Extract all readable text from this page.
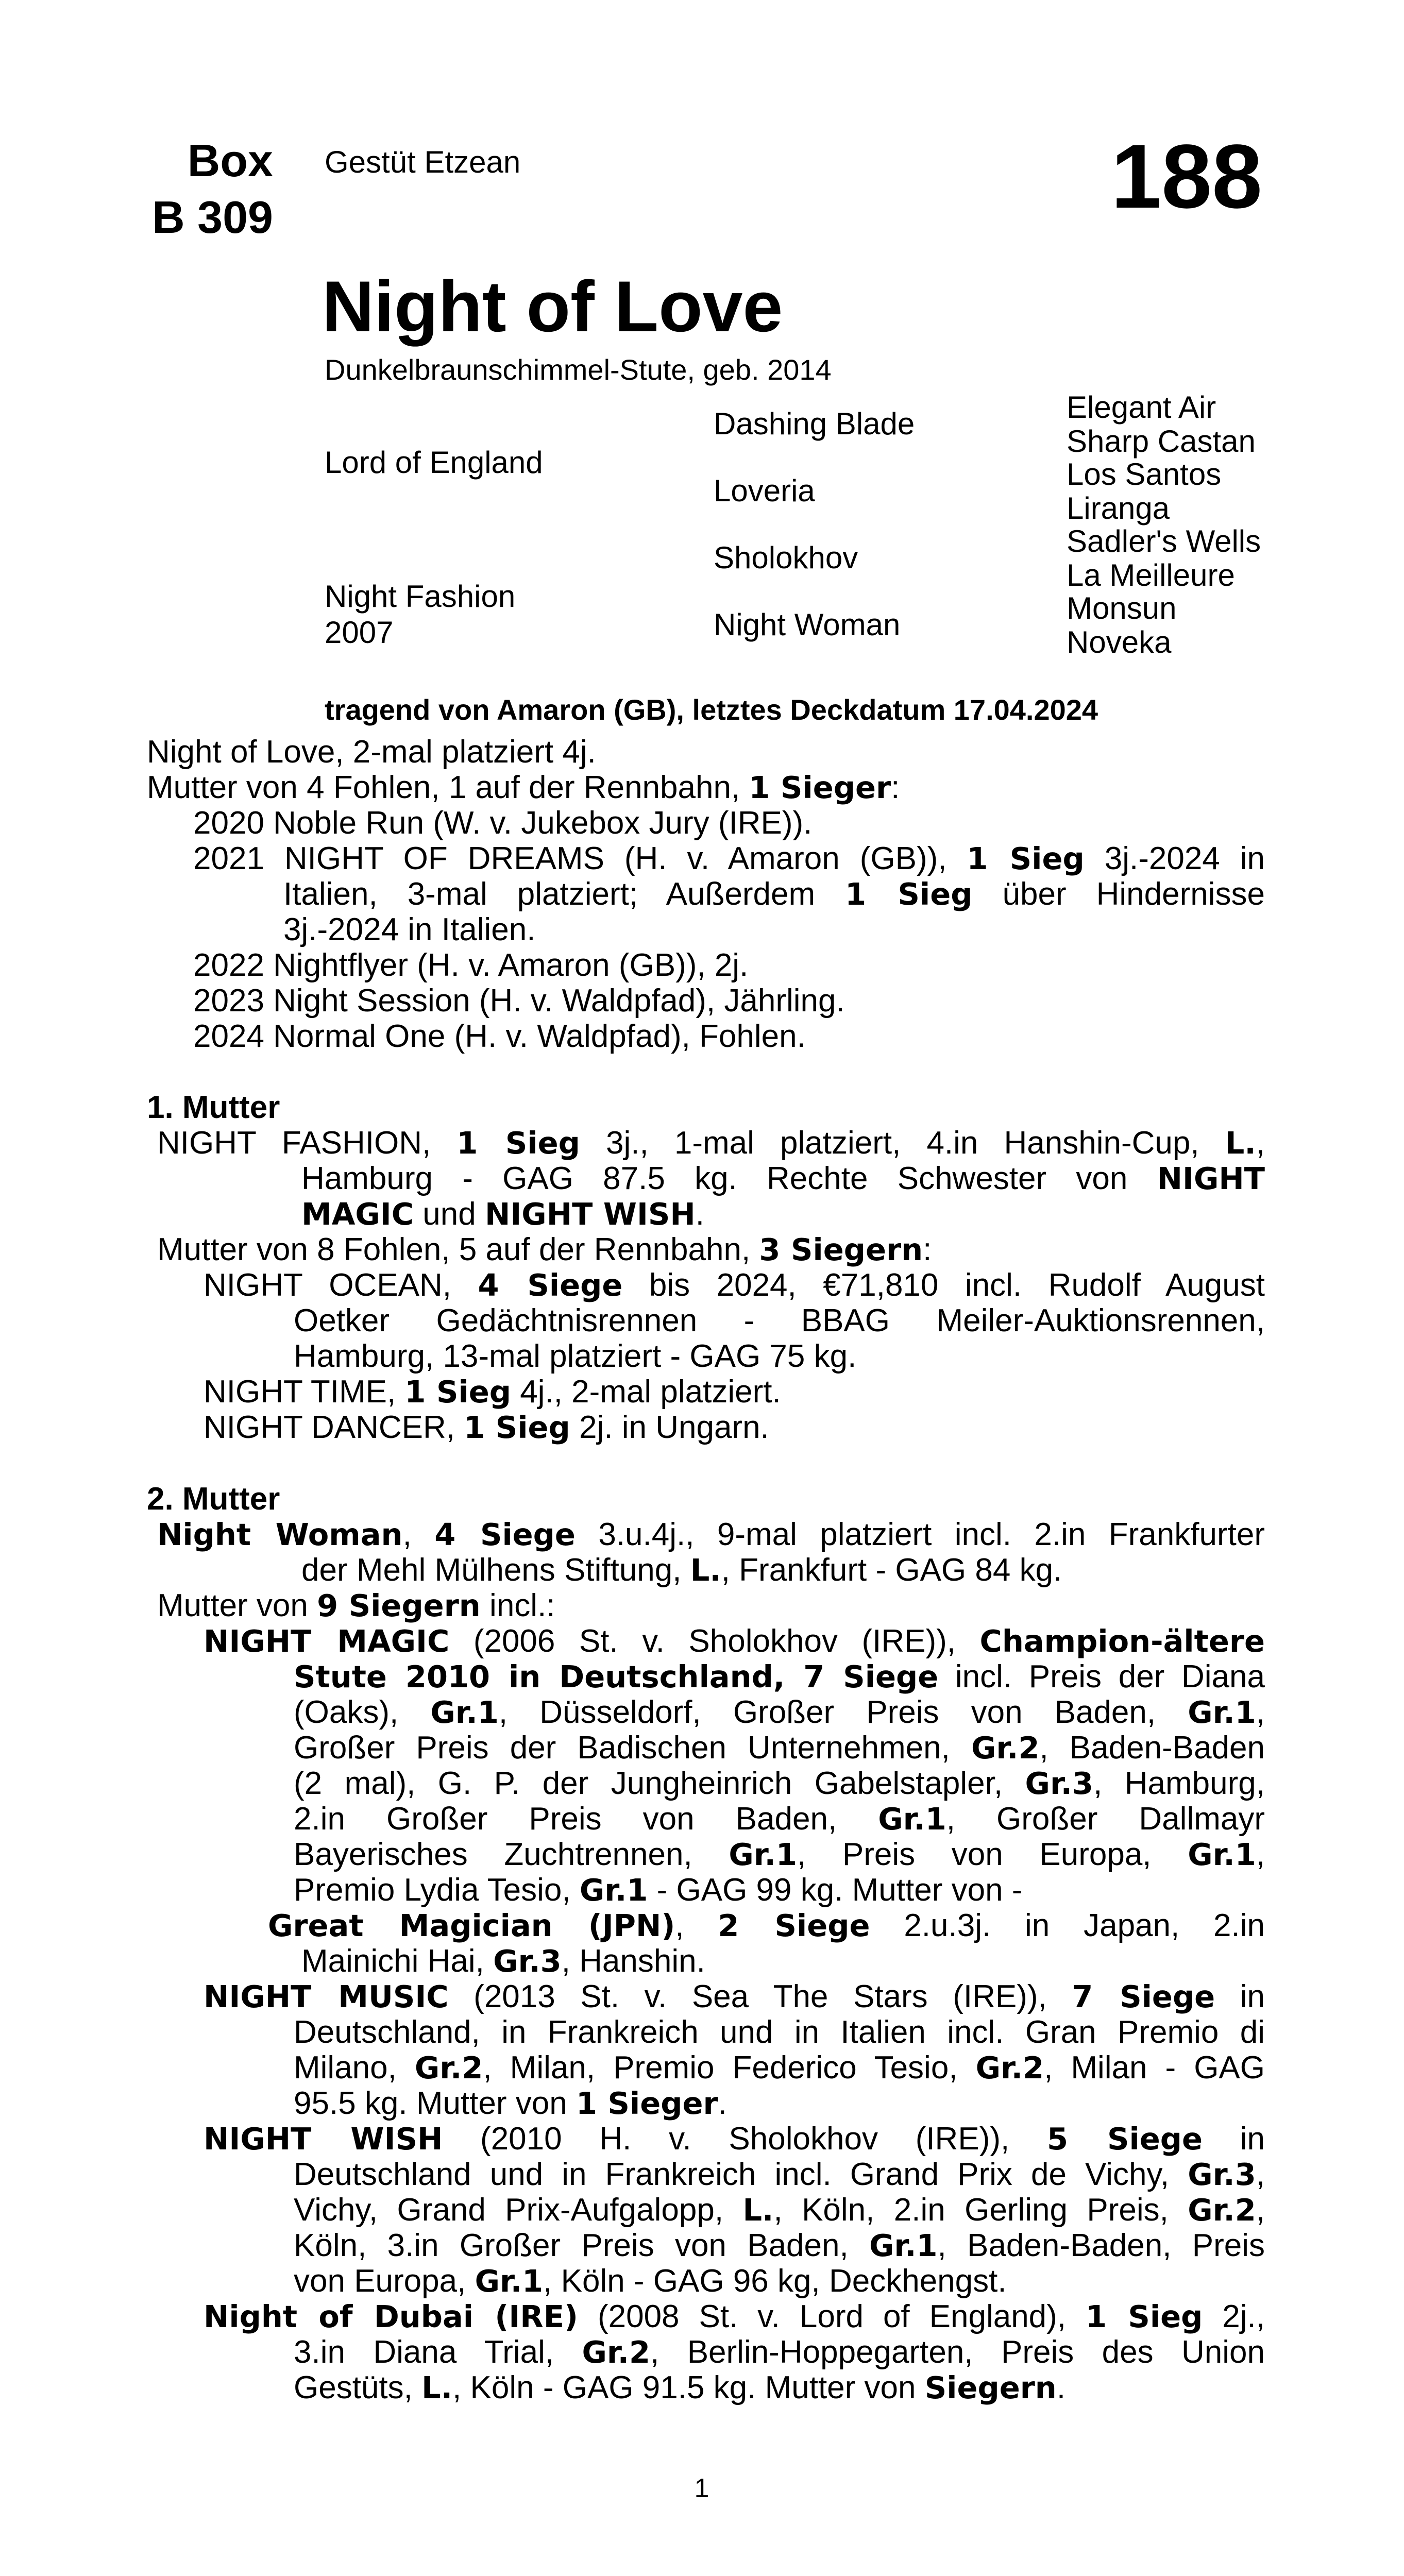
Box
B 309
Gestüt Etzean	188
Night of Love
Dunkelbraunschimmel-Stute, geb. 2014
Lord of England
Night Fashion
2007
Dashing Blade
Loveria
Sholokhov
Night Woman
Elegant Air
Sharp Castan
Los Santos
Liranga
Sadler's Wells
La Meilleure
Monsun
Noveka
tragend von Amaron (GB), letztes Deckdatum 17.04.2024
Night of Love, 2-mal platziert 4j.
Mutter von 4 Fohlen, 1 auf der Rennbahn, 1 Sieger:
2020 Noble Run (W. v. Jukebox Jury (IRE)).
2021 NIGHT OF DREAMS (H. v. Amaron (GB)), 1 Sieg 3j.-2024 in
Italien, 3-mal platziert; Außerdem 1 Sieg über Hindernisse
3j.-2024 in Italien.
2022 Nightflyer (H. v. Amaron (GB)), 2j.
2023 Night Session (H. v. Waldpfad), Jährling.
2024 Normal One (H. v. Waldpfad), Fohlen.
1. Mutter
NIGHT FASHION, 1 Sieg 3j., 1-mal platziert, 4.in Hanshin-Cup, L.,
Hamburg - GAG 87.5 kg. Rechte Schwester von NIGHT
MAGIC und NIGHT WISH.
Mutter von 8 Fohlen, 5 auf der Rennbahn, 3 Siegern:
NIGHT OCEAN, 4 Siege bis 2024, €71,810 incl. Rudolf August
Oetker Gedächtnisrennen - BBAG Meiler-Auktionsrennen,
Hamburg, 13-mal platziert - GAG 75 kg.
NIGHT TIME, 1 Sieg 4j., 2-mal platziert.
NIGHT DANCER, 1 Sieg 2j. in Ungarn.
2. Mutter
Night Woman, 4 Siege 3.u.4j., 9-mal platziert incl. 2.in Frankfurter
der Mehl Mülhens Stiftung, L., Frankfurt - GAG 84 kg.
Mutter von 9 Siegern incl.:
NIGHT MAGIC (2006 St. v. Sholokhov (IRE)), Champion-ältere
Stute 2010 in Deutschland, 7 Siege incl. Preis der Diana
(Oaks), Gr.1, Düsseldorf, Großer Preis von Baden, Gr.1,
Großer Preis der Badischen Unternehmen, Gr.2, Baden-Baden
(2 mal), G. P. der Jungheinrich Gabelstapler, Gr.3, Hamburg,
2.in Großer Preis von Baden, Gr.1, Großer Dallmayr
Bayerisches Zuchtrennen, Gr.1, Preis von Europa, Gr.1,
Premio Lydia Tesio, Gr.1 - GAG 99 kg. Mutter von -
Great Magician (JPN), 2 Siege 2.u.3j. in Japan, 2.in
Mainichi Hai, Gr.3, Hanshin.
NIGHT MUSIC (2013 St. v. Sea The Stars (IRE)), 7 Siege in
Deutschland, in Frankreich und in Italien incl. Gran Premio di
Milano, Gr.2, Milan, Premio Federico Tesio, Gr.2, Milan - GAG
95.5 kg. Mutter von 1 Sieger.
NIGHT WISH (2010 H. v. Sholokhov (IRE)), 5 Siege in
Deutschland und in Frankreich incl. Grand Prix de Vichy, Gr.3,
Vichy, Grand Prix-Aufgalopp, L., Köln, 2.in Gerling Preis, Gr.2,
Köln, 3.in Großer Preis von Baden, Gr.1, Baden-Baden, Preis
von Europa, Gr.1, Köln - GAG 96 kg, Deckhengst.
Night of Dubai (IRE) (2008 St. v. Lord of England), 1 Sieg 2j.,
3.in Diana Trial, Gr.2, Berlin-Hoppegarten, Preis des Union
Gestüts, L., Köln - GAG 91.5 kg. Mutter von Siegern.
1
